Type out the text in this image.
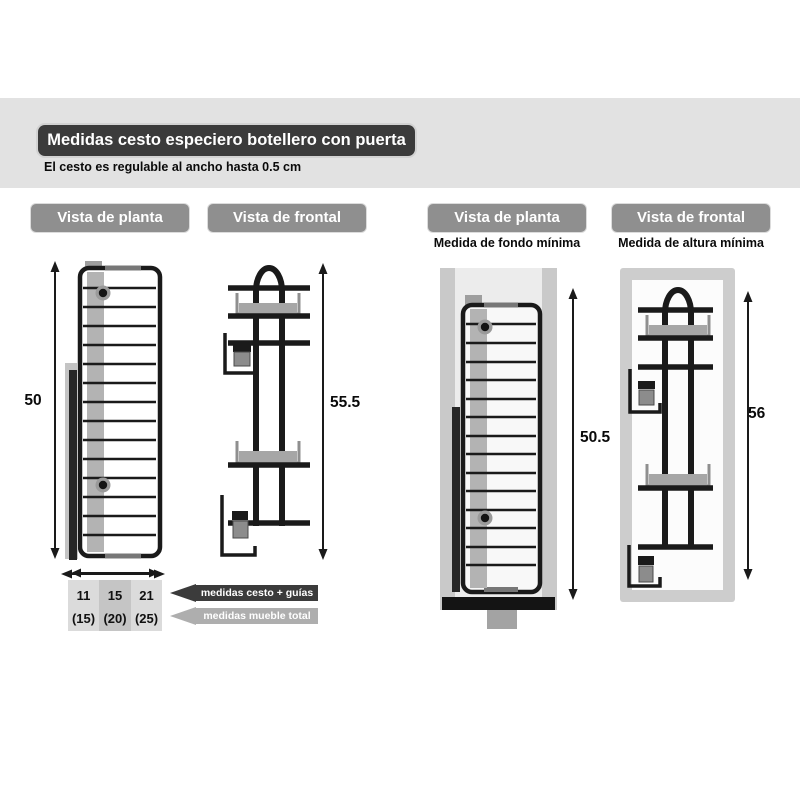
Medidas cesto especiero botellero con puerta
El cesto es regulable al ancho hasta 0.5 cm
Vista de planta	Vista de frontal	Vista de planta	Vista de frontal
Medida de fondo mínima	Medida de altura mínima
50	55.5
50.5
56
11	15	21
(15) (20) (25)
medidas cesto + guías
medidas mueble total
